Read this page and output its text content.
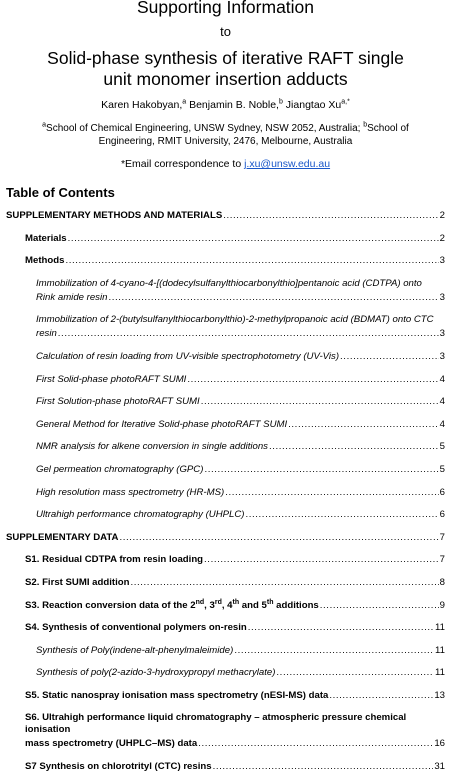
Supporting Information
to
Solid-phase synthesis of iterative RAFT single unit monomer insertion adducts
Karen Hakobyan,$^a$ Benjamin B. Noble,$^b$ Jiangtao $Xu^{a,*}$
$^a$School of Chemical Engineering, UNSW Sydney, NSW 2052, Australia; $^b$School of Engineering, RMIT University, 2476, Melbourne, Australia
*Email correspondence to j.xu@unsw.edu.au
Table of Contents
SUPPLEMENTARY METHODS AND MATERIALS .....	2
Materials .....	2
Methods .....	3
Immobilization of 4-cyano-4-[(dodecylsulfanylthiocarbonylthio]pentanoic acid (CDTPA) onto
Rink amide resin .....	3
Immobilization of 2-(butylsulfanylthiocarbonylthio)-2-methylpropanoic acid (BDMAT) onto CTC
resin .....	3
Calculation of resin loading from UV-visible spectrophotometry (UV-Vis) .....	3
First Solid-phase photoRAFT SUMI .....	4
First Solution-phase photoRAFT SUMI .....	4
General Method for Iterative Solid-phase photoRAFT SUMI .....	4
NMR analysis for alkene conversion in single additions .....	5
Gel permeation chromatography (GPC) .....	5
High resolution mass spectrometry (HR-MS) .....	6
Ultrahigh performance chromatography (UHPLC) .....	6
SUPPLEMENTARY DATA .....	7
S1. Residual CDTPA from resin loading .....	7
S2. First SUMI addition .....	8
S3. Reaction conversion data of the 2nd, 3rd, 4th and 5th additions .....	9
S4. Synthesis of conventional polymers on-resin .....	11
Synthesis of Poly(indene-alt-phenylmaleimide) .....	11
Synthesis of poly(2-azido-3-hydroxypropyl methacrylate) .....	11
S5. Static nanospray ionisation mass spectrometry (nESI-MS) data .....	13
S6. Ultrahigh performance liquid chromatography – atmospheric pressure chemical ionisation
mass spectrometry (UHPLC–MS) data .....	16
S7 Synthesis on chlorotrityl (CTC) resins .....	31
